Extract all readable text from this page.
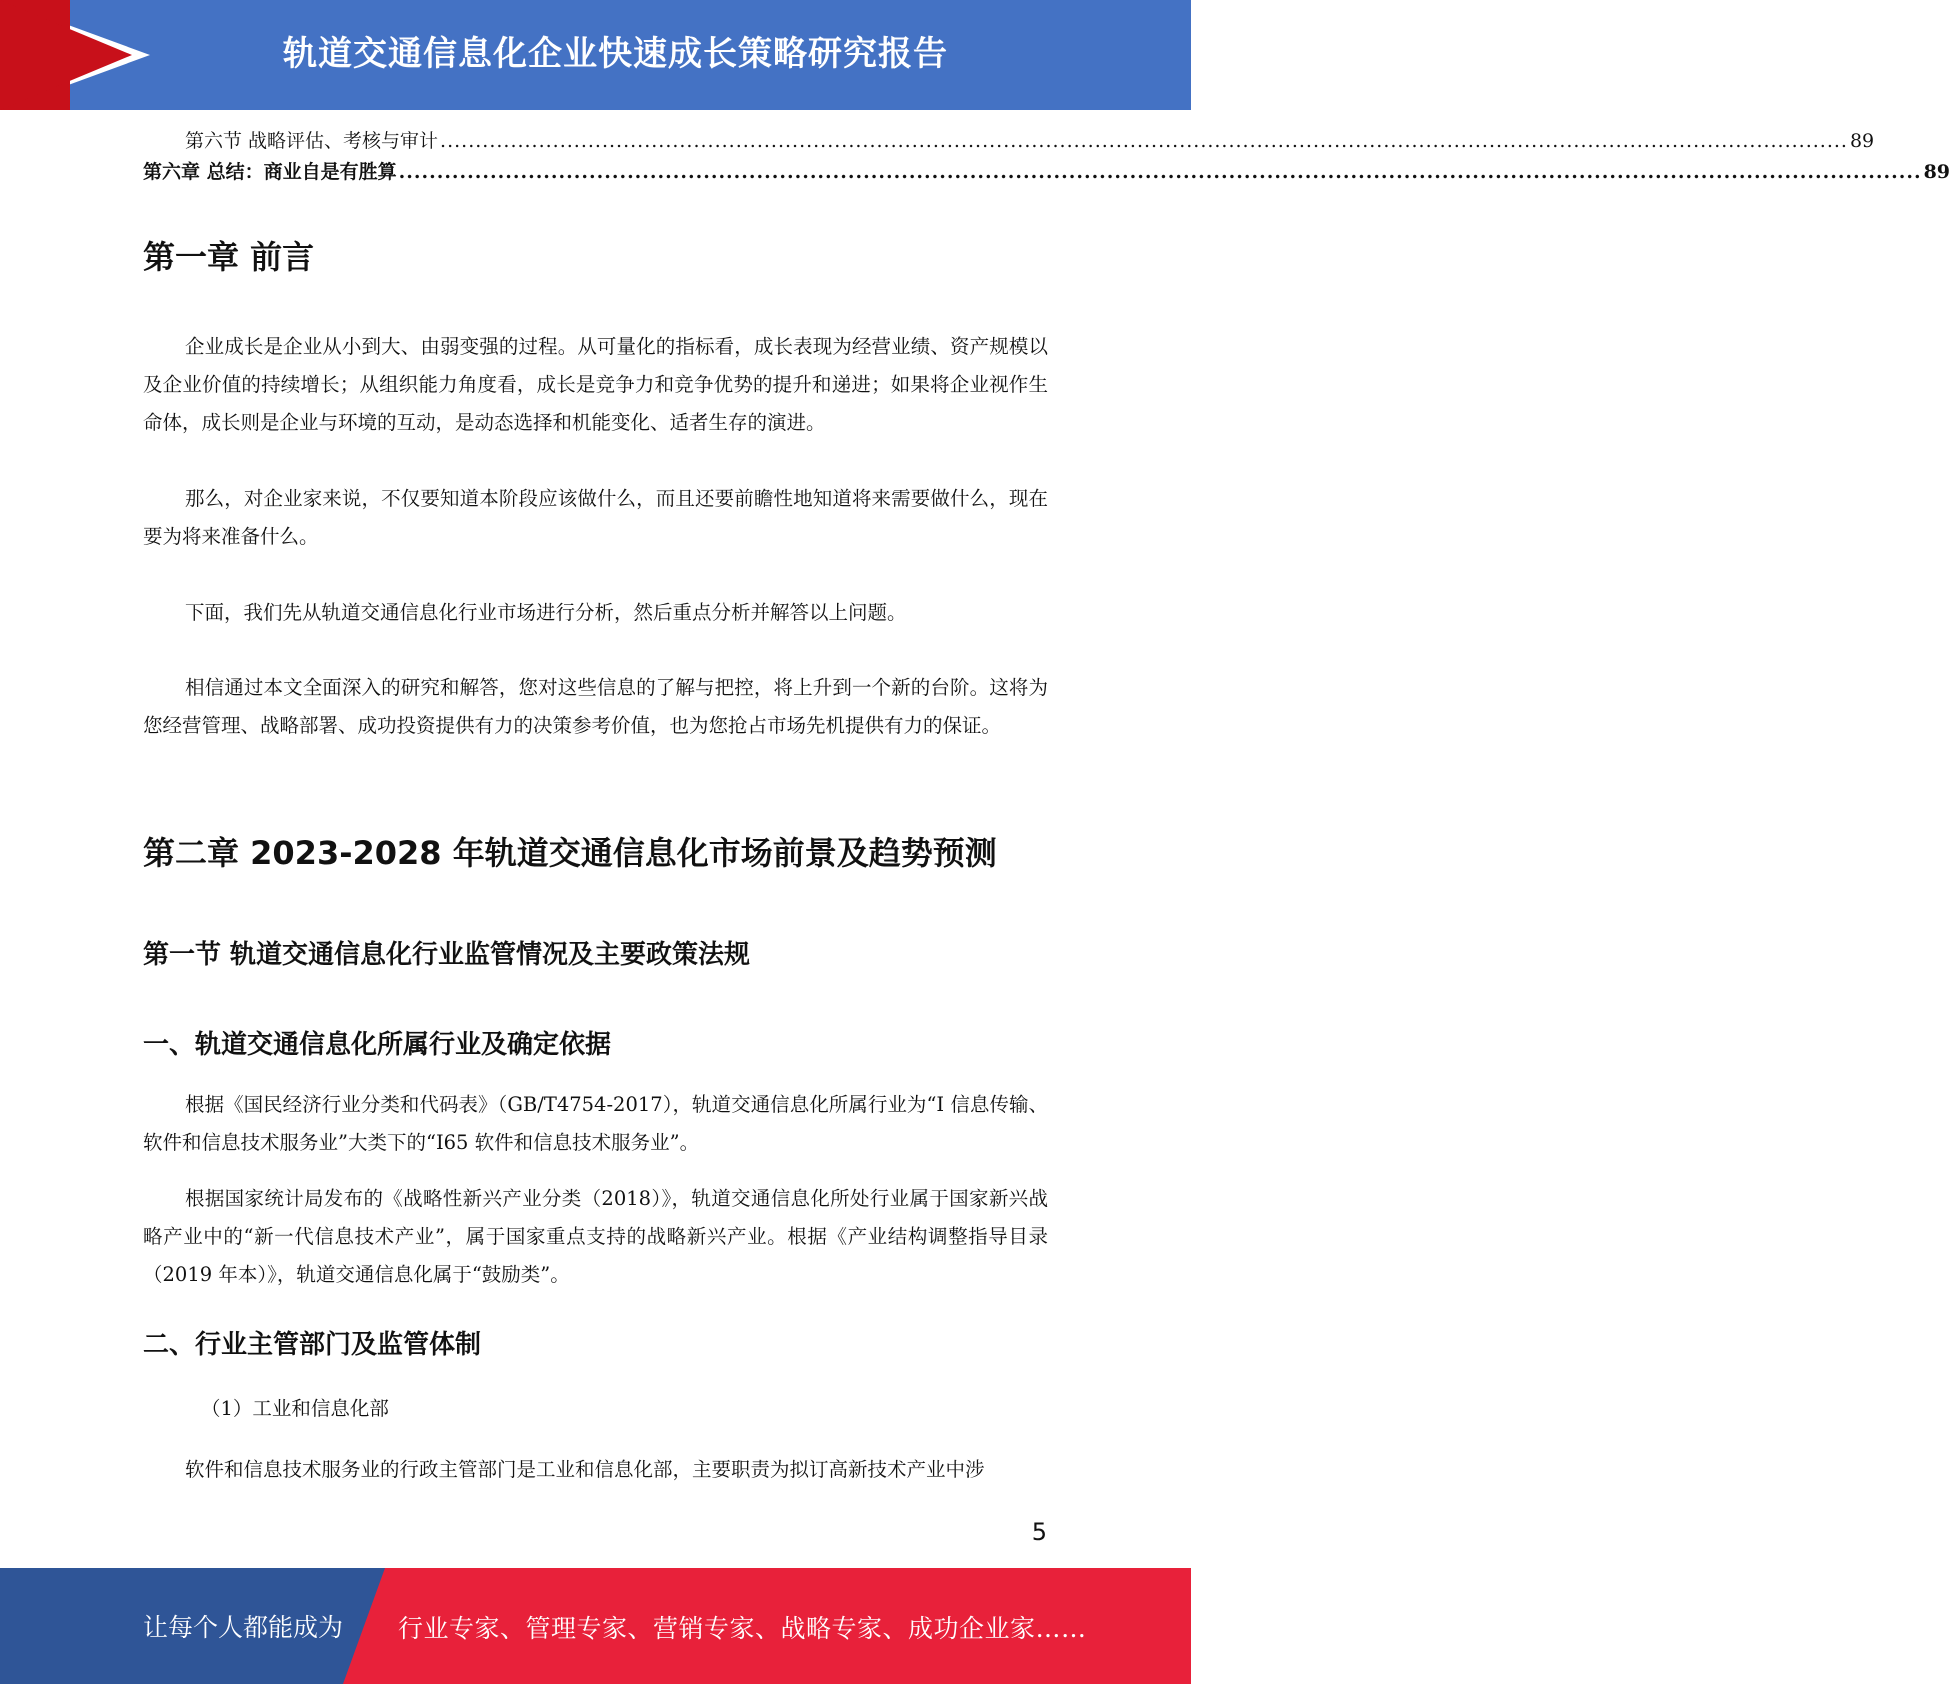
轨道交通信息化企业快速成长策略研究报告
第六节 战略评估、考核与审计 ........................................................................................................................................................................................................ 89
第六章 总结：商业自是有胜算 ........................................................................................................................................................................................................ 89
第一章 前言

企业成长是企业从小到大、由弱变强的过程。从可量化的指标看，成长表现为经营业绩、资产规模以及企业价值的持续增长；从组织能力角度看，成长是竞争力和竞争优势的提升和递进；如果将企业视作生命体，成长则是企业与环境的互动，是动态选择和机能变化、适者生存的演进。

那么，对企业家来说，不仅要知道本阶段应该做什么，而且还要前瞻性地知道将来需要做什么，现在要为将来准备什么。

下面，我们先从轨道交通信息化行业市场进行分析，然后重点分析并解答以上问题。

相信通过本文全面深入的研究和解答，您对这些信息的了解与把控，将上升到一个新的台阶。这将为您经营管理、战略部署、成功投资提供有力的决策参考价值，也为您抢占市场先机提供有力的保证。

第二章 2023-2028 年轨道交通信息化市场前景及趋势预测
第一节 轨道交通信息化行业监管情况及主要政策法规
一、轨道交通信息化所属行业及确定依据

根据《国民经济行业分类和代码表》（GB/T4754-2017），轨道交通信息化所属行业为“I 信息传输、软件和信息技术服务业”大类下的“I65 软件和信息技术服务业”。

根据国家统计局发布的《战略性新兴产业分类（2018）》，轨道交通信息化所处行业属于国家新兴战略产业中的“新一代信息技术产业”，属于国家重点支持的战略新兴产业。根据《产业结构调整指导目录（2019 年本）》，轨道交通信息化属于“鼓励类”。

二、行业主管部门及监管体制

（1）工业和信息化部

软件和信息技术服务业的行政主管部门是工业和信息化部，主要职责为拟订高新技术产业中涉

5
让每个人都能成为 行业专家、管理专家、营销专家、战略专家、成功企业家……
